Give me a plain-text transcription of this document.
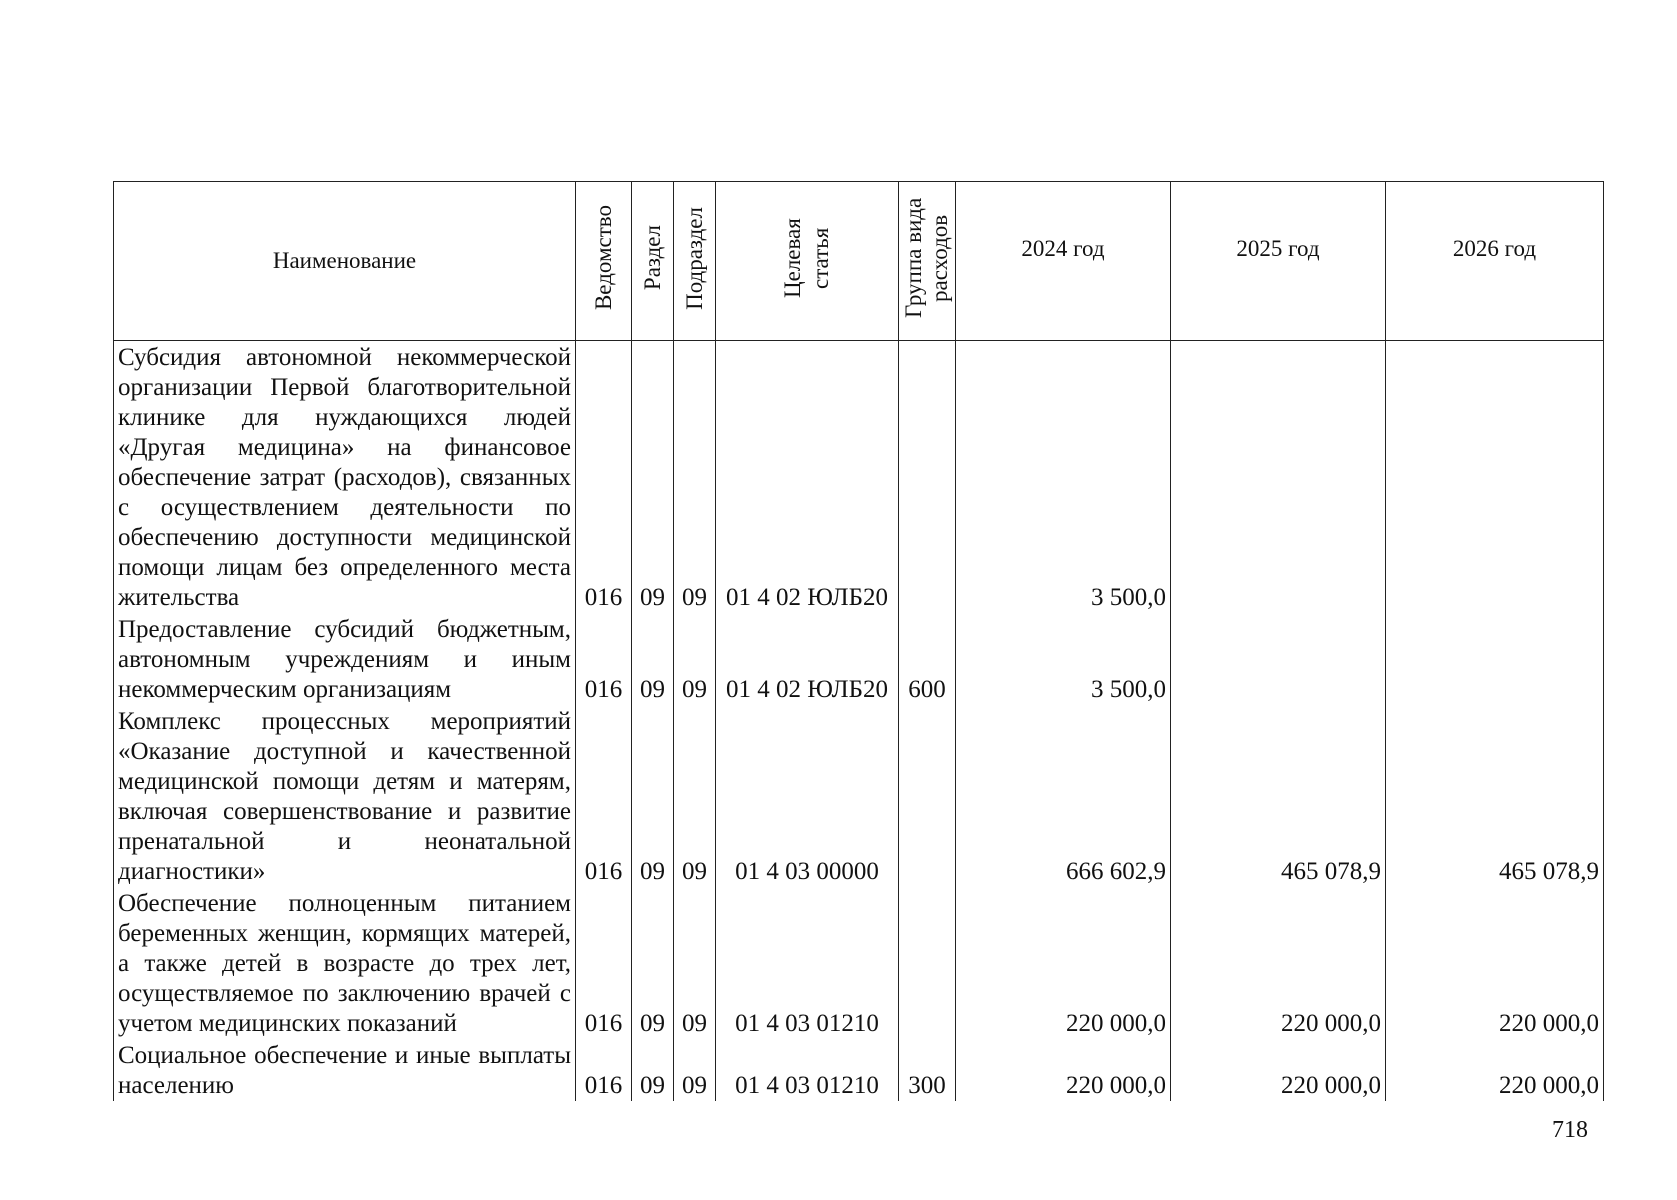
Наименование	Ведомство	Раздел	Подраздел	Целевая статья	Группа вида расходов	2024 год	2025 год	2026 год
Субсидия автономной некоммерческой организации Первой благотворительной клинике для нуждающихся людей «Другая медицина» на финансовое обеспечение затрат (расходов), связанных с осуществлением деятельности по обеспечению доступности медицинской помощи лицам без определенного места жительства	016	09	09	01 4 02 ЮЛБ20		3 500,0		
Предоставление субсидий бюджетным, автономным учреждениям и иным некоммерческим организациям	016	09	09	01 4 02 ЮЛБ20	600	3 500,0		
Комплекс процессных мероприятий «Оказание доступной и качественной медицинской помощи детям и матерям, включая совершенствование и развитие пренатальной и неонатальной диагностики»	016	09	09	01 4 03 00000		666 602,9	465 078,9	465 078,9
Обеспечение полноценным питанием беременных женщин, кормящих матерей, а также детей в возрасте до трех лет, осуществляемое по заключению врачей с учетом медицинских показаний	016	09	09	01 4 03 01210		220 000,0	220 000,0	220 000,0
Социальное обеспечение и иные выплаты населению	016	09	09	01 4 03 01210	300	220 000,0	220 000,0	220 000,0
718
